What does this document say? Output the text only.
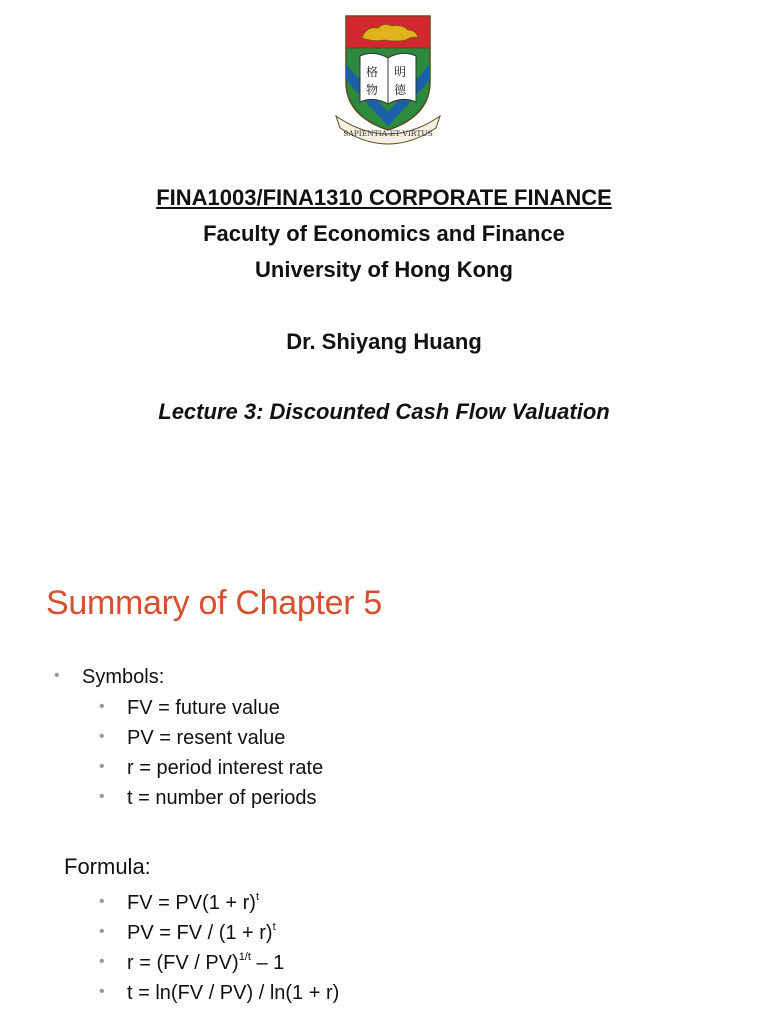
格 明
物 德
SAPIENTIA·ET·VIRTUS
FINA1003/FINA1310 CORPORATE FINANCE
Faculty of Economics and Finance
University of Hong Kong
Dr. Shiyang Huang
Lecture 3: Discounted Cash Flow Valuation
Summary of Chapter 5
• Symbols:
• FV = future value
• PV = resent value
• r = period interest rate
• t = number of periods
Formula:
• FV = $PV(1 + r)^t$
• PV = FV / $(1 + r)^t$
• r = (FV / PV)$^{1/t}$ – 1
• t = ln(FV / PV) / ln(1 + r)
